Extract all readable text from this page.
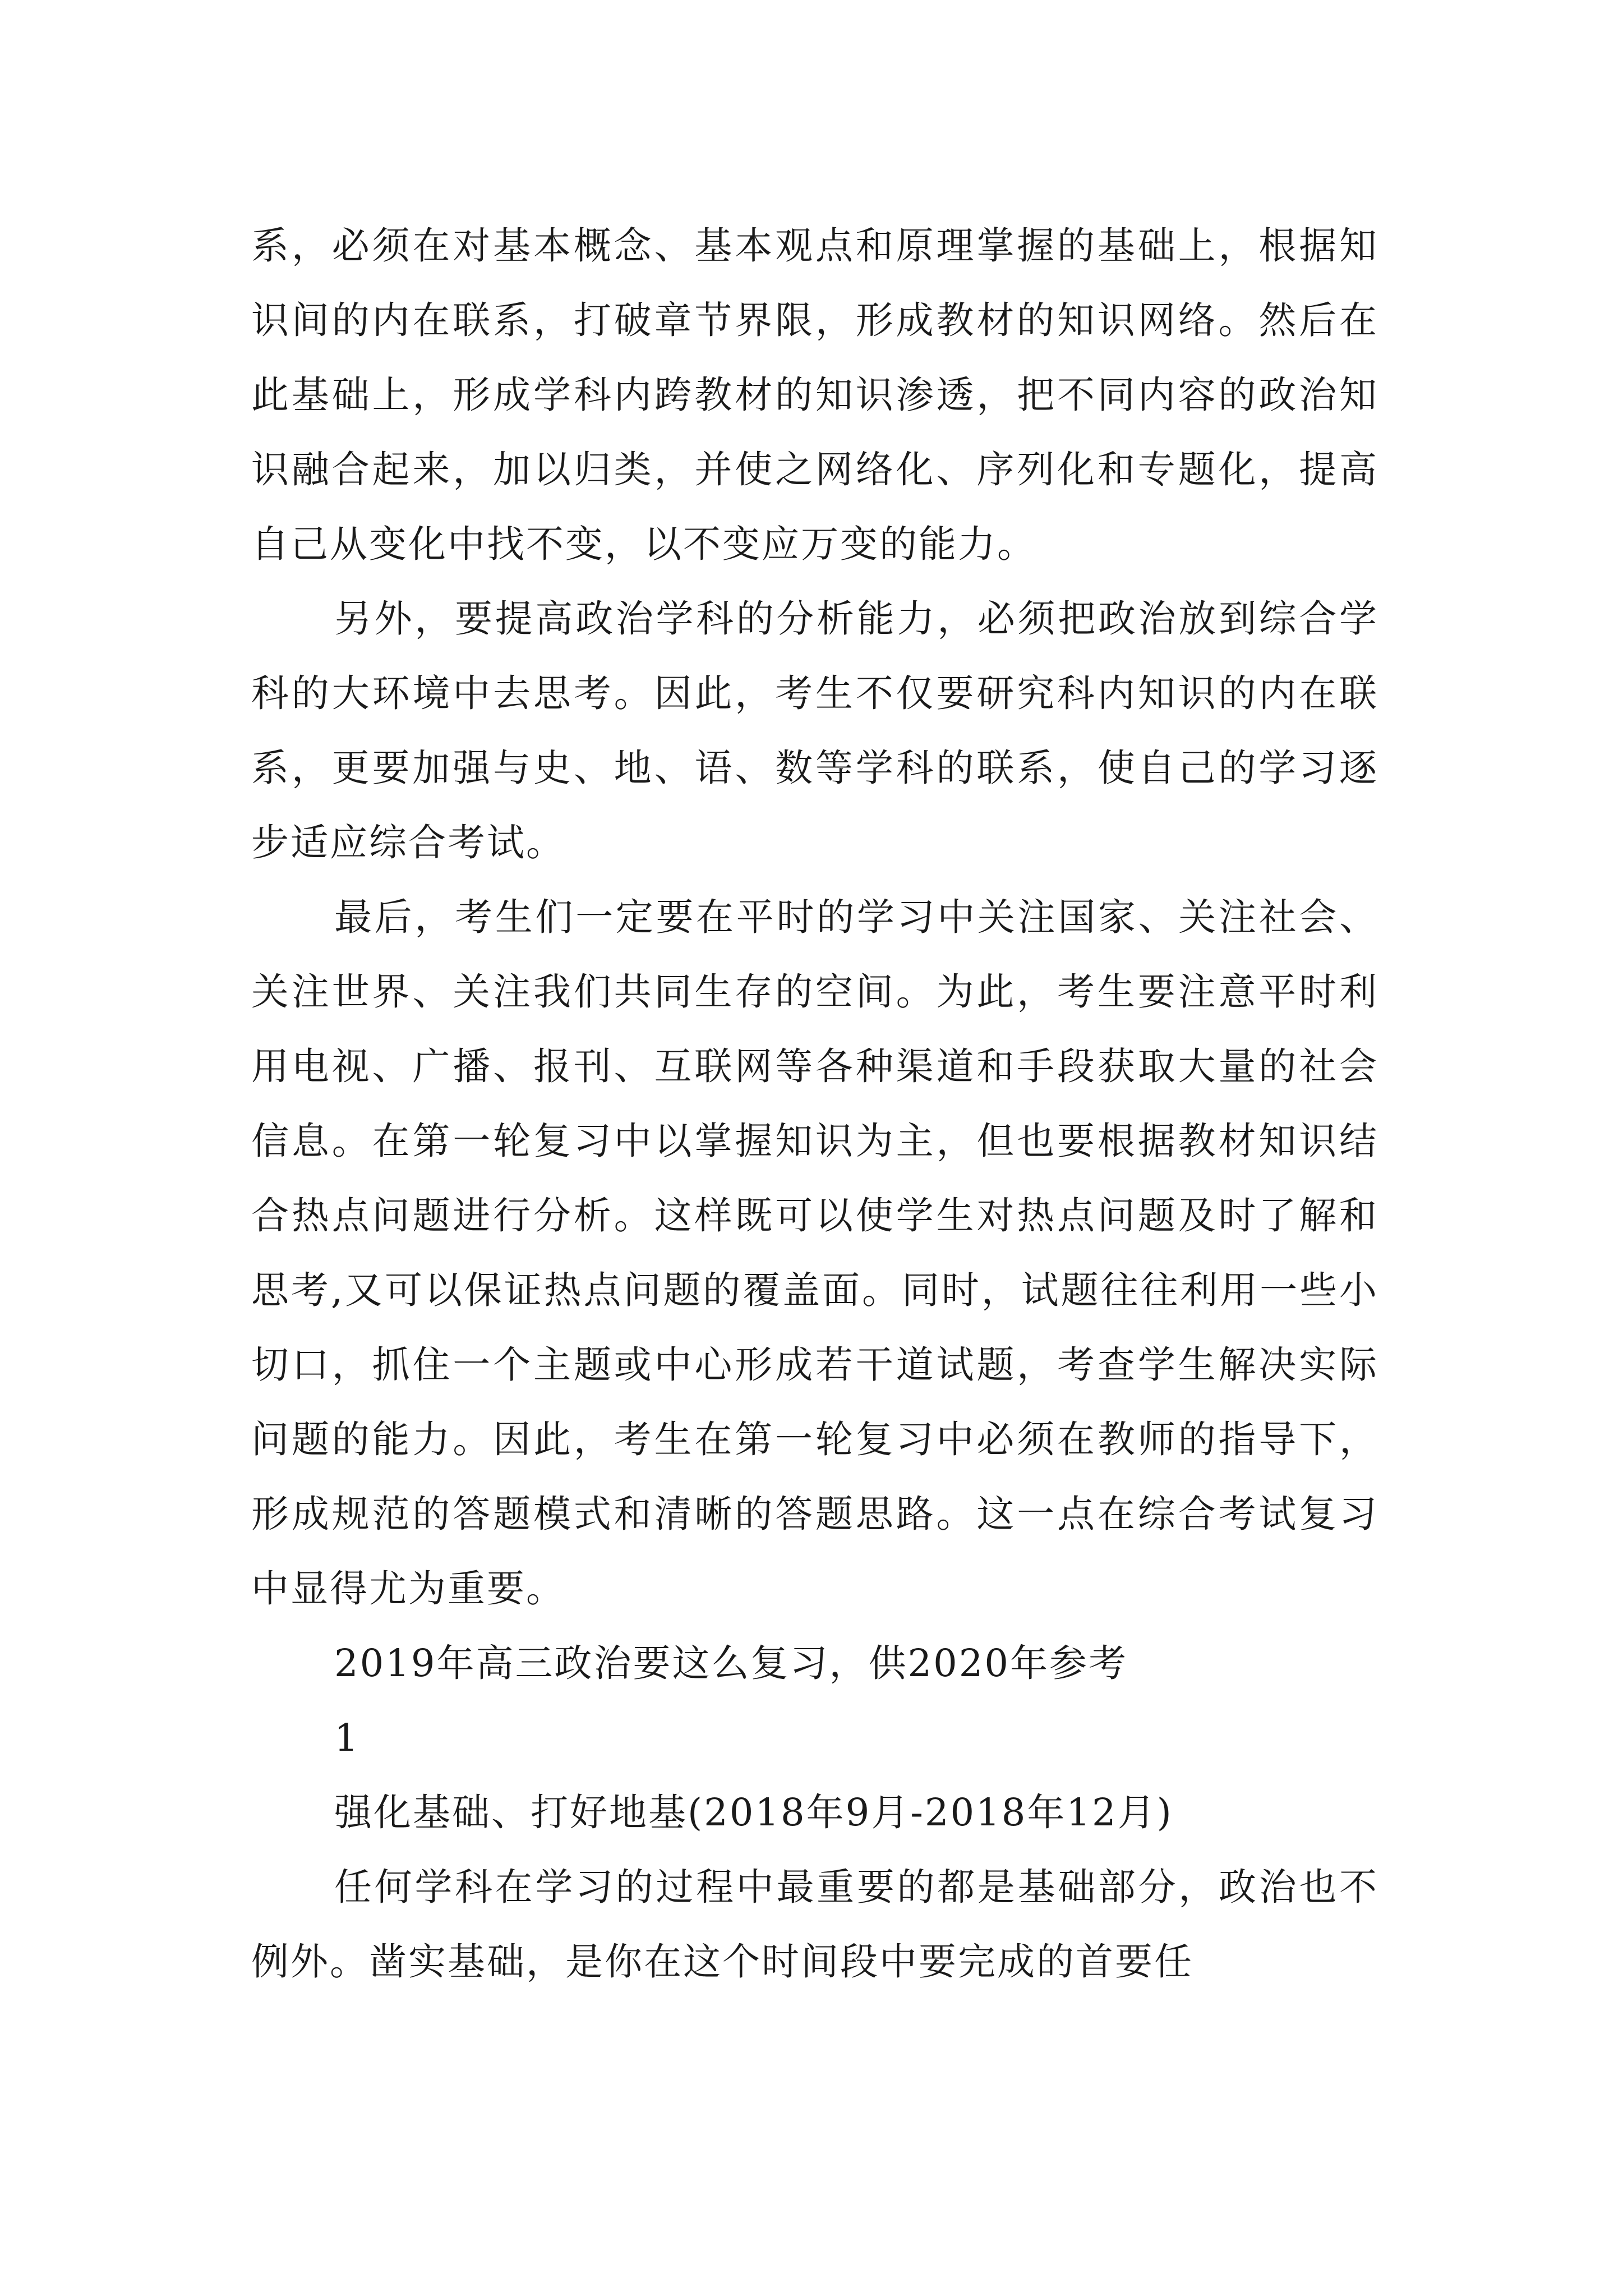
系，必须在对基本概念、基本观点和原理掌握的基础上，根据知识间的内在联系，打破章节界限，形成教材的知识网络。然后在此基础上，形成学科内跨教材的知识渗透，把不同内容的政治知识融合起来，加以归类，并使之网络化、序列化和专题化，提高自己从变化中找不变，以不变应万变的能力。

另外，要提高政治学科的分析能力，必须把政治放到综合学科的大环境中去思考。因此，考生不仅要研究科内知识的内在联系，更要加强与史、地、语、数等学科的联系，使自己的学习逐步适应综合考试。

最后，考生们一定要在平时的学习中关注国家、关注社会、关注世界、关注我们共同生存的空间。为此，考生要注意平时利用电视、广播、报刊、互联网等各种渠道和手段获取大量的社会信息。在第一轮复习中以掌握知识为主，但也要根据教材知识结合热点问题进行分析。这样既可以使学生对热点问题及时了解和思考,又可以保证热点问题的覆盖面。同时，试题往往利用一些小切口，抓住一个主题或中心形成若干道试题，考查学生解决实际问题的能力。因此，考生在第一轮复习中必须在教师的指导下，形成规范的答题模式和清晰的答题思路。这一点在综合考试复习中显得尤为重要。

2019年高三政治要这么复习，供2020年参考

1

强化基础、打好地基(2018年9月-2018年12月)

任何学科在学习的过程中最重要的都是基础部分，政治也不例外。凿实基础，是你在这个时间段中要完成的首要任
